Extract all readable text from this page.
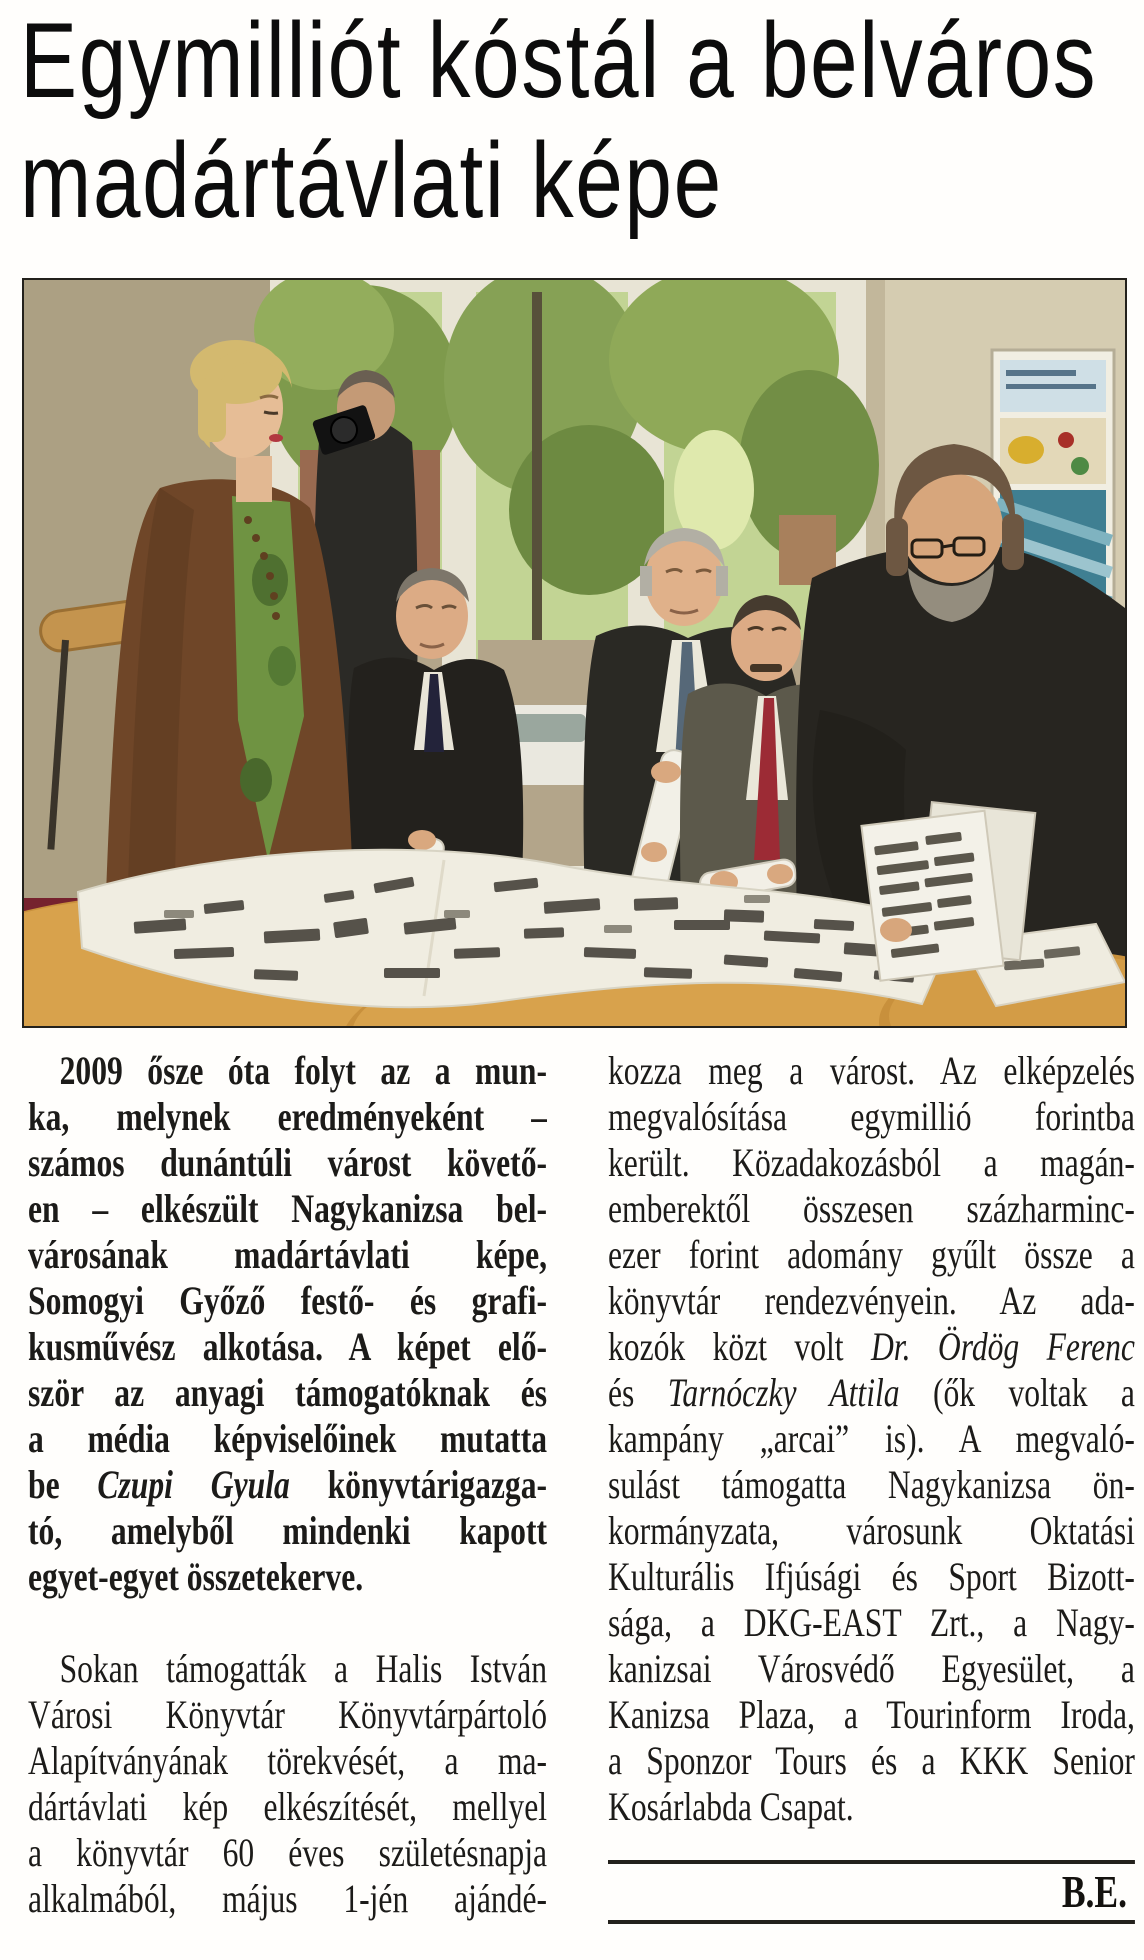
Egymilliót kóstál a belváros
madártávlati képe
2009 ősze óta folyt az a mun-
ka, melynek eredményeként –
számos dunántúli várost követő-
en – elkészült Nagykanizsa bel-
városának madártávlati képe,
Somogyi Győző festő- és grafi-
kusművész alkotása. A képet elő-
ször az anyagi támogatóknak és
a média képviselőinek mutatta
be Czupi Gyula könyvtárigazga-
tó, amelyből mindenki kapott
egyet-egyet összetekerve.
Sokan támogatták a Halis István
Városi Könyvtár Könyvtárpártoló
Alapítványának törekvését, a ma-
dártávlati kép elkészítését, mellyel
a könyvtár 60 éves születésnapja
alkalmából, május 1-jén ajándé-
kozza meg a várost. Az elképzelés
megvalósítása egymillió forintba
került. Közadakozásból a magán-
emberektől összesen százharminc-
ezer forint adomány gyűlt össze a
könyvtár rendezvényein. Az ada-
kozók közt volt Dr. Ördög Ferenc
és Tarnóczky Attila (ők voltak a
kampány „arcai” is). A megvaló-
sulást támogatta Nagykanizsa ön-
kormányzata, városunk Oktatási
Kulturális Ifjúsági és Sport Bizott-
sága, a DKG-EAST Zrt., a Nagy-
kanizsai Városvédő Egyesület, a
Kanizsa Plaza, a Tourinform Iroda,
a Sponzor Tours és a KKK Senior
Kosárlabda Csapat.
B.E.
